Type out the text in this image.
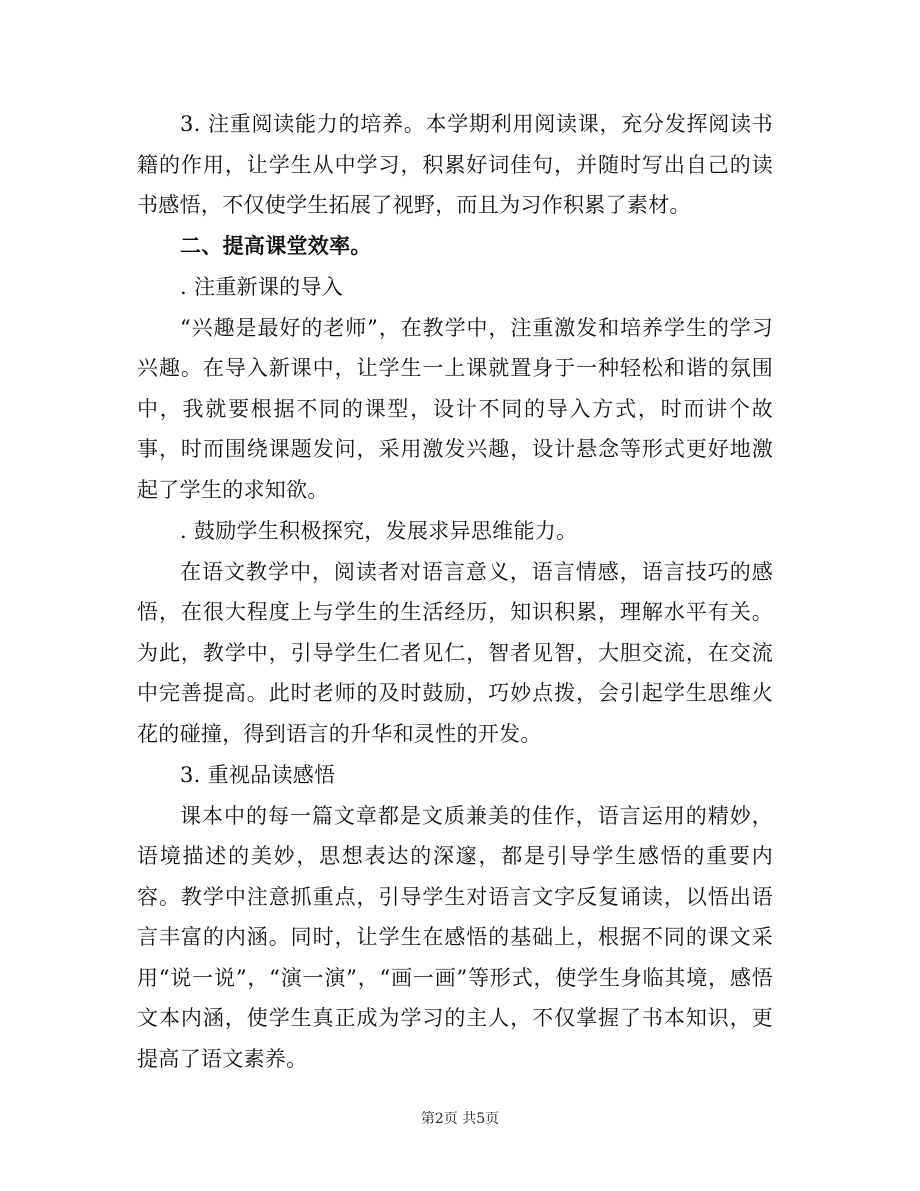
3. 注重阅读能力的培养。本学期利用阅读课，充分发挥阅读书籍的作用，让学生从中学习，积累好词佳句，并随时写出自己的读书感悟，不仅使学生拓展了视野，而且为习作积累了素材。

二、提高课堂效率。

. 注重新课的导入

“兴趣是最好的老师”，在教学中，注重激发和培养学生的学习兴趣。在导入新课中，让学生一上课就置身于一种轻松和谐的氛围中，我就要根据不同的课型，设计不同的导入方式，时而讲个故事，时而围绕课题发问，采用激发兴趣，设计悬念等形式更好地激起了学生的求知欲。

. 鼓励学生积极探究，发展求异思维能力。

在语文教学中，阅读者对语言意义，语言情感，语言技巧的感悟，在很大程度上与学生的生活经历，知识积累，理解水平有关。为此，教学中，引导学生仁者见仁，智者见智，大胆交流，在交流中完善提高。此时老师的及时鼓励，巧妙点拨，会引起学生思维火花的碰撞，得到语言的升华和灵性的开发。

3. 重视品读感悟

课本中的每一篇文章都是文质兼美的佳作，语言运用的精妙，语境描述的美妙，思想表达的深邃，都是引导学生感悟的重要内容。教学中注意抓重点，引导学生对语言文字反复诵读，以悟出语言丰富的内涵。同时，让学生在感悟的基础上，根据不同的课文采用“说一说”，“演一演”，“画一画”等形式，使学生身临其境，感悟文本内涵，使学生真正成为学习的主人，不仅掌握了书本知识，更提高了语文素养。

第2页 共5页
